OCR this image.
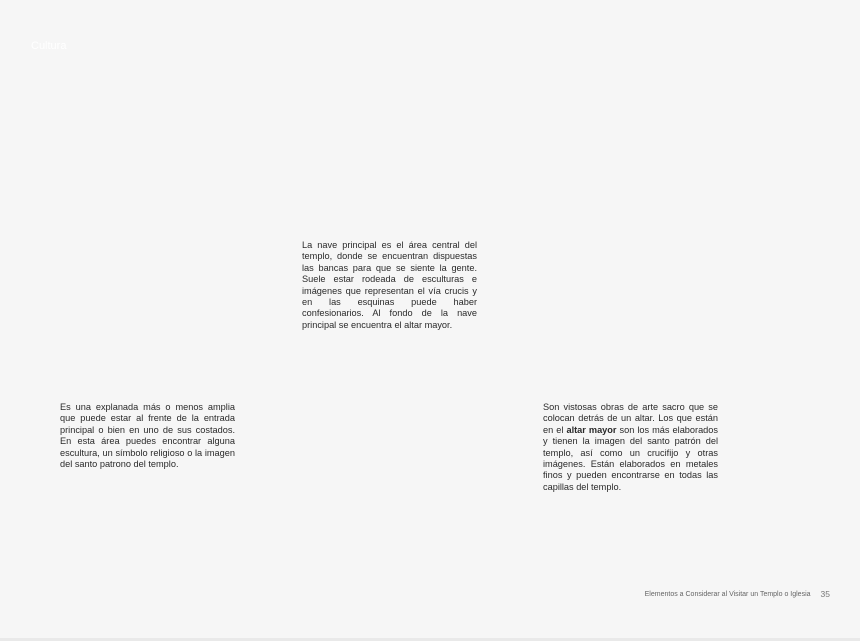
Cultura
La nave principal es el área central del templo, donde se encuentran dispuestas las bancas para que se siente la gente. Suele estar rodeada de esculturas e imágenes que representan el vía crucis y en las esquinas puede haber confesionarios. Al fondo de la nave principal se encuentra el altar mayor.
Es una explanada más o menos amplia que puede estar al frente de la entrada principal o bien en uno de sus costados. En esta área puedes encontrar alguna escultura, un símbolo religioso o la imagen del santo patrono del templo.
Son vistosas obras de arte sacro que se colocan detrás de un altar. Los que están en el altar mayor son los más elaborados y tienen la imagen del santo patrón del templo, así como un crucifijo y otras imágenes. Están elaborados en metales finos y pueden encontrarse en todas las capillas del templo.
Elementos a Considerar al Visitar un Templo o Iglesia 35
